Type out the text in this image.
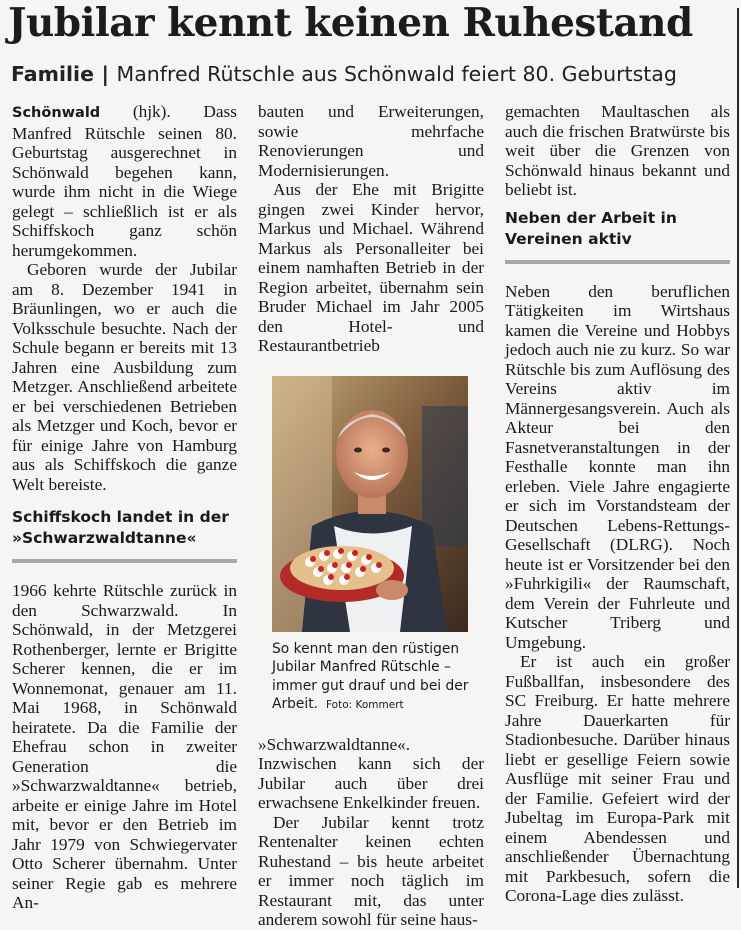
Jubilar kennt keinen Ruhestand
Familie | Manfred Rütschle aus Schönwald feiert 80. Geburtstag

Schönwald (hjk). Dass Manfred Rütschle seinen 80. Geburtstag ausgerechnet in Schönwald begehen kann, wurde ihm nicht in die Wiege gelegt – schließlich ist er als Schiffskoch ganz schön herumgekommen.

Geboren wurde der Jubilar am 8. Dezember 1941 in Bräunlingen, wo er auch die Volksschule besuchte. Nach der Schule begann er bereits mit 13 Jahren eine Ausbildung zum Metzger. Anschließend arbeitete er bei verschiedenen Betrieben als Metzger und Koch, bevor er für einige Jahre von Hamburg aus als Schiffskoch die ganze Welt bereiste.

Schiffskoch landet in der »Schwarzwaldtanne«

1966 kehrte Rütschle zurück in den Schwarzwald. In Schönwald, in der Metzgerei Rothenberger, lernte er Brigitte Scherer kennen, die er im Wonnemonat, genauer am 11. Mai 1968, in Schönwald heiratete. Da die Familie der Ehefrau schon in zweiter Generation die »Schwarzwaldtanne« betrieb, arbeite er einige Jahre im Hotel mit, bevor er den Betrieb im Jahr 1979 von Schwiegervater Otto Scherer übernahm. Unter seiner Regie gab es mehrere An-

bauten und Erweiterungen, sowie mehrfache Renovierungen und Modernisierungen.

Aus der Ehe mit Brigitte gingen zwei Kinder hervor, Markus und Michael. Während Markus als Personalleiter bei einem namhaften Betrieb in der Region arbeitet, übernahm sein Bruder Michael im Jahr 2005 den Hotel- und Restaurantbetrieb

So kennt man den rüstigen Jubilar Manfred Rütschle – immer gut drauf und bei der Arbeit. Foto: Kommert

»Schwarzwaldtanne«. Inzwischen kann sich der Jubilar auch über drei erwachsene Enkelkinder freuen.

Der Jubilar kennt trotz Rentenalter keinen echten Ruhestand – bis heute arbeitet er immer noch täglich im Restaurant mit, das unter anderem sowohl für seine haus-

gemachten Maultaschen als auch die frischen Bratwürste bis weit über die Grenzen von Schönwald hinaus bekannt und beliebt ist.

Neben der Arbeit in Vereinen aktiv

Neben den beruflichen Tätigkeiten im Wirtshaus kamen die Vereine und Hobbys jedoch auch nie zu kurz. So war Rütschle bis zum Auflösung des Vereins aktiv im Männergesangsverein. Auch als Akteur bei den Fasnetveranstaltungen in der Festhalle konnte man ihn erleben. Viele Jahre engagierte er sich im Vorstandsteam der Deutschen Lebens-Rettungs-Gesellschaft (DLRG). Noch heute ist er Vorsitzender bei den »Fuhrkigili« der Raumschaft, dem Verein der Fuhrleute und Kutscher Triberg und Umgebung.

Er ist auch ein großer Fußballfan, insbesondere des SC Freiburg. Er hatte mehrere Jahre Dauerkarten für Stadionbesuche. Darüber hinaus liebt er gesellige Feiern sowie Ausflüge mit seiner Frau und der Familie. Gefeiert wird der Jubeltag im Europa-Park mit einem Abendessen und anschließender Übernachtung mit Parkbesuch, sofern die Corona-Lage dies zulässt.
